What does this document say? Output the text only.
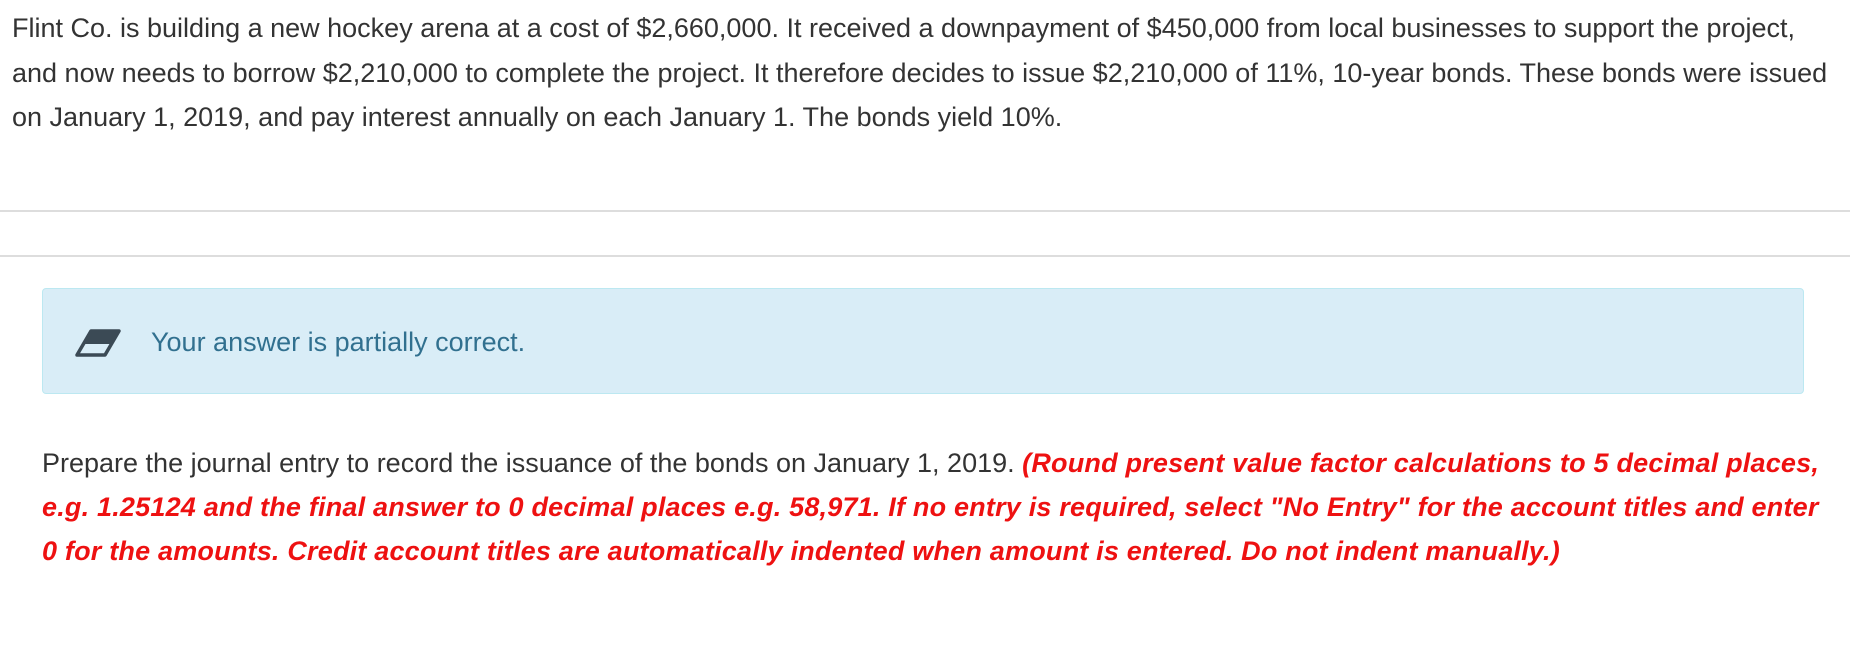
Flint Co. is building a new hockey arena at a cost of $2,660,000. It received a downpayment of $450,000 from local businesses to support the project, and now needs to borrow $2,210,000 to complete the project. It therefore decides to issue $2,210,000 of 11%, 10-year bonds. These bonds were issued on January 1, 2019, and pay interest annually on each January 1. The bonds yield 10%.
Your answer is partially correct.
Prepare the journal entry to record the issuance of the bonds on January 1, 2019. (Round present value factor calculations to 5 decimal places, e.g. 1.25124 and the final answer to 0 decimal places e.g. 58,971. If no entry is required, select "No Entry" for the account titles and enter 0 for the amounts. Credit account titles are automatically indented when amount is entered. Do not indent manually.)
